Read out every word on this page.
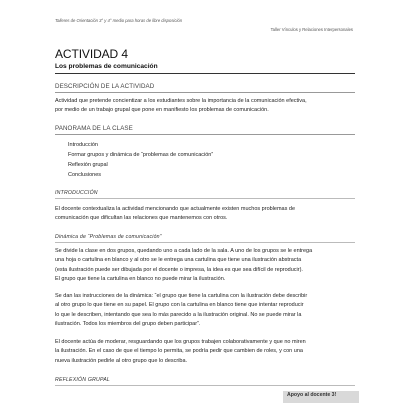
Talleres de Orientación 3° y 4° medio para horas de libre disposición
Taller Vínculos y Relaciones Interpersonales
ACTIVIDAD 4
Los problemas de comunicación
DESCRIPCIÓN DE LA ACTIVIDAD
Actividad que pretende concientizar a los estudiantes sobre la importancia de la comunicación efectiva,
por medio de un trabajo grupal que pone en manifiesto los problemas de comunicación.
PANORAMA DE LA CLASE
Introducción
Formar grupos y dinámica de “problemas de comunicación”
Reflexión grupal
Conclusiones
INTRODUCCIÓN
El docente contextualiza la actividad mencionando que actualmente existen muchos problemas de
comunicación que dificultan las relaciones que mantenemos con otros.
Dinámica de “Problemas de comunicación”
Se divide la clase en dos grupos, quedando uno a cada lado de la sala. A uno de los grupos se le entrega
una hoja o cartulina en blanco y al otro se le entrega una cartulina que tiene una ilustración abstracta
(esta ilustración puede ser dibujada por el docente o impresa, la idea es que sea difícil de reproducir).
El grupo que tiene la cartulina en blanco no puede mirar la ilustración.
Se dan las instrucciones de la dinámica: “el grupo que tiene la cartulina con la ilustración debe describir
al otro grupo lo que tiene en su papel. El grupo con la cartulina en blanco tiene que intentar reproducir
lo que le describen, intentando que sea lo más parecido a la ilustración original. No se puede mirar la
ilustración. Todos los miembros del grupo deben participar”.
El docente actúa de moderar, resguardando que los grupos trabajen colaborativamente y que no miren
la ilustración. En el caso de que el tiempo lo permita, se podría pedir que cambien de roles, y con una
nueva ilustración pedirle al otro grupo que lo describa.
REFLEXIÓN GRUPAL
Apoyo al docente 3!
